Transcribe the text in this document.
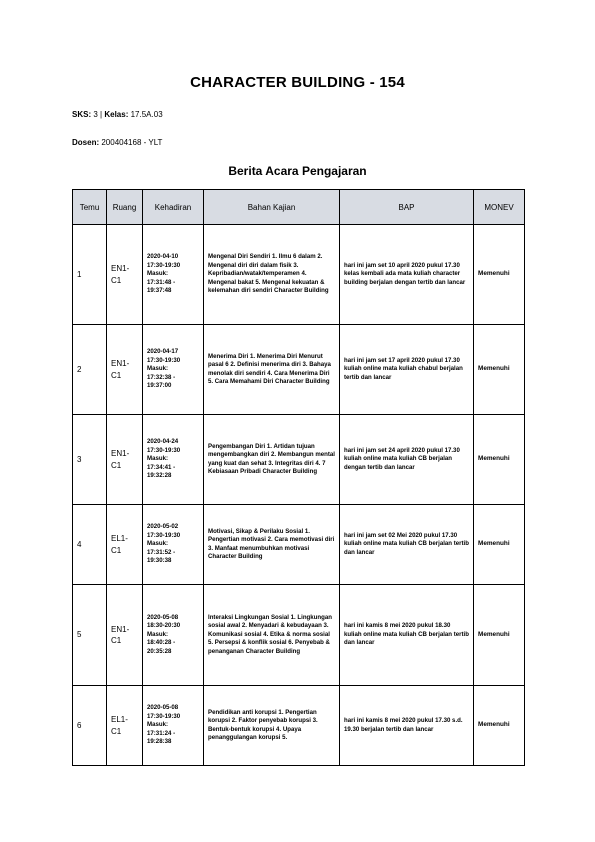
CHARACTER BUILDING - 154
SKS: 3 | Kelas: 17.5A.03
Dosen: 200404168 - YLT
Berita Acara Pengajaran
Temu	Ruang	Kehadiran	Bahan Kajian	BAP	MONEV
1	EN1-C1	2020-04-10
17:30-19:30
Masuk:
17:31:48 -
19:37:48	Mengenal Diri Sendiri 1. Ilmu 6 dalam 2. Mengenal diri diri dalam fisik 3. Kepribadian/watak/temperamen 4. Mengenal bakat 5. Mengenal kekuatan & kelemahan diri sendiri Character Building	hari ini jam set 10 april 2020 pukul 17.30 kelas kembali ada mata kuliah character building berjalan dengan tertib dan lancar	Memenuhi
2	EN1-C1	2020-04-17
17:30-19:30
Masuk:
17:32:38 -
19:37:00	Menerima Diri 1. Menerima Diri Menurut pasal 6 2. Definisi menerima diri 3. Bahaya menolak diri sendiri 4. Cara Menerima Diri 5. Cara Memahami Diri Character Building	hari ini jam set 17 april 2020 pukul 17.30 kuliah online mata kuliah chabul berjalan tertib dan lancar	Memenuhi
3	EN1-C1	2020-04-24
17:30-19:30
Masuk:
17:34:41 -
19:32:28	Pengembangan Diri 1. Artidan tujuan mengembangkan diri 2. Membangun mental yang kuat dan sehat 3. Integritas diri 4. 7 Kebiasaan Pribadi Character Building	hari ini jam set 24 april 2020 pukul 17.30 kuliah online mata kuliah CB berjalan dengan tertib dan lancar	Memenuhi
4	EL1-C1	2020-05-02
17:30-19:30
Masuk:
17:31:52 -
19:30:38	Motivasi, Sikap & Perilaku Sosial 1. Pengertian motivasi 2. Cara memotivasi diri 3. Manfaat menumbuhkan motivasi Character Building	hari ini jam set 02 Mei 2020 pukul 17.30 kuliah online mata kuliah CB berjalan tertib dan lancar	Memenuhi
5	EN1-C1	2020-05-08
18:30-20:30
Masuk:
18:40:28 -
20:35:28	Interaksi Lingkungan Sosial 1. Lingkungan sosial awal 2. Menyadari & kebudayaan 3. Komunikasi sosial 4. Etika & norma sosial 5. Persepsi & konflik sosial 6. Penyebab & penanganan Character Building	hari ini kamis 8 mei 2020 pukul 18.30 kuliah online mata kuliah CB berjalan tertib dan lancar	Memenuhi
6	EL1-C1	2020-05-08
17:30-19:30
Masuk:
17:31:24 -
19:28:38	Pendidikan anti korupsi 1. Pengertian korupsi 2. Faktor penyebab korupsi 3. Bentuk-bentuk korupsi 4. Upaya penanggulangan korupsi 5.	hari ini kamis 8 mei 2020 pukul 17.30 s.d. 19.30 berjalan tertib dan lancar	Memenuhi
